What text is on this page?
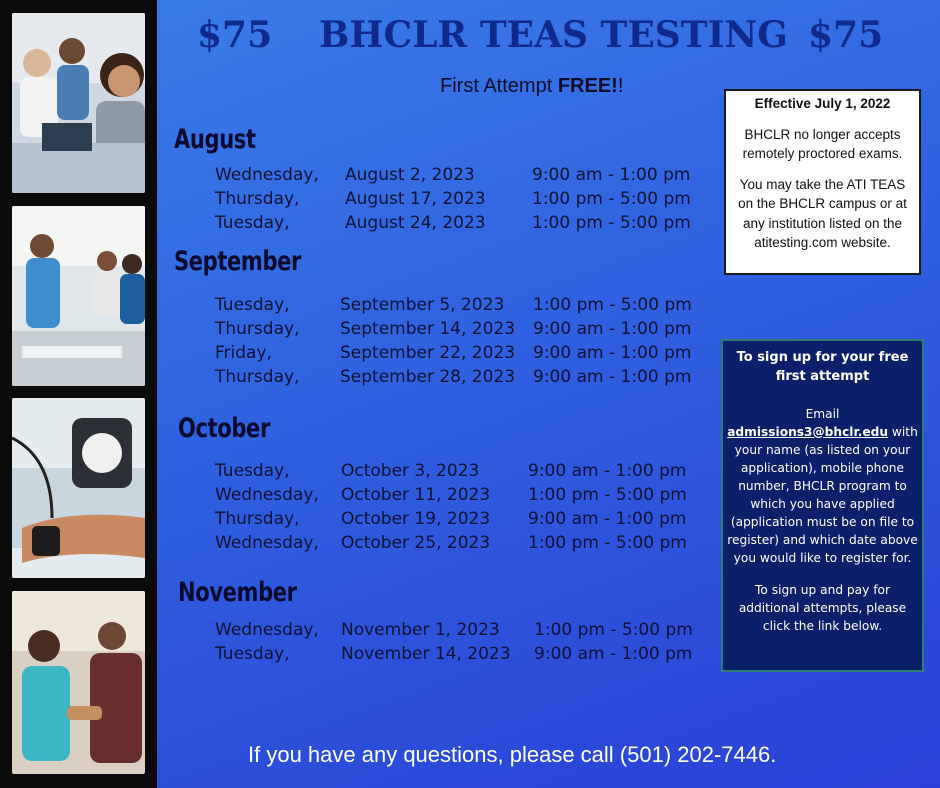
$75 BHCLR TEAS TESTING $75
First Attempt FREE!!
August
Wednesday, August 2, 2023	9:00 am - 1:00 pm
Thursday,	August 17, 2023	1:00 pm - 5:00 pm
Tuesday,	August 24, 2023	1:00 pm - 5:00 pm
September
Tuesday,	September 5, 2023 1:00 pm - 5:00 pm
Thursday, September 14, 2023 9:00 am - 1:00 pm
Friday,	September 22, 2023 9:00 am - 1:00 pm
Thursday, September 28, 2023 9:00 am - 1:00 pm
October
Tuesday,	October 3, 2023	9:00 am - 1:00 pm
Wednesday, October 11, 2023 1:00 pm - 5:00 pm
Thursday, October 19, 2023 9:00 am - 1:00 pm
Wednesday, October 25, 2023 1:00 pm - 5:00 pm
November
Wednesday, November 1, 2023 1:00 pm - 5:00 pm
Tuesday,	November 14, 2023 9:00 am - 1:00 pm
Effective July 1, 2022

BHCLR no longer accepts remotely proctored exams.

You may take the ATI TEAS on the BHCLR campus or at any institution listed on the atitesting.com website.

To sign up for your free first attempt

Email admissions3@bhclr.edu with your name (as listed on your application), mobile phone number, BHCLR program to which you have applied (application must be on file to register) and which date above you would like to register for.

To sign up and pay for additional attempts, please click the link below.

If you have any questions, please call (501) 202-7446.
